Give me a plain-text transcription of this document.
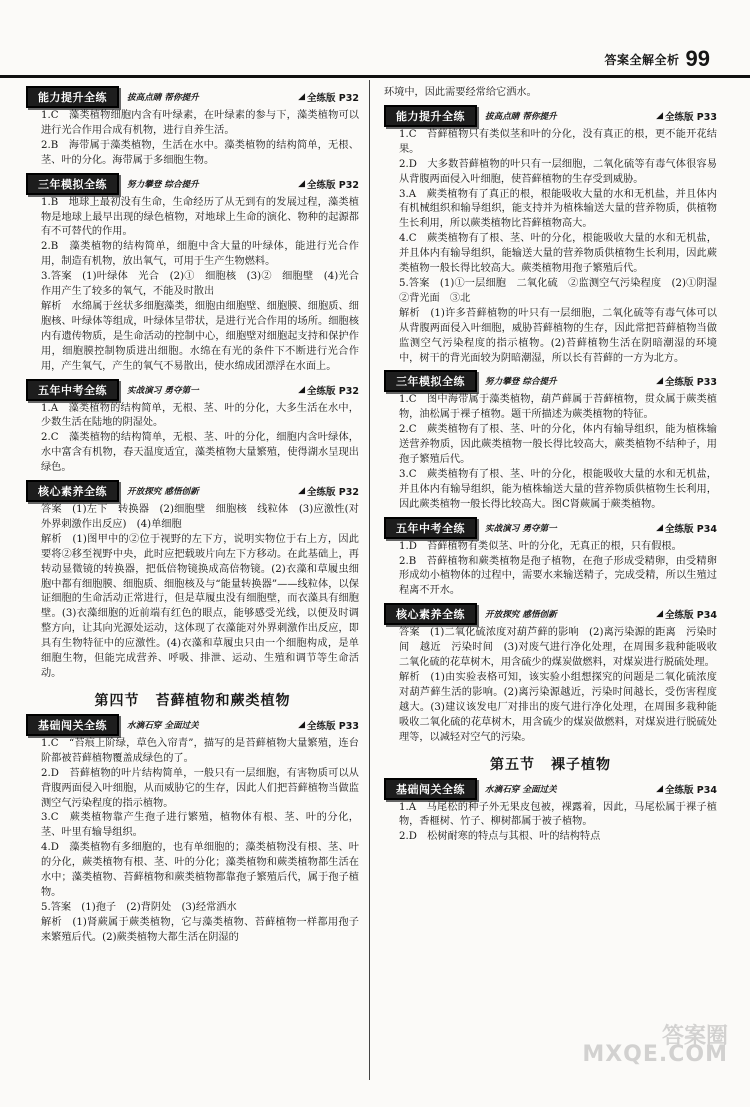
答案全解全析 99
能力提升全练	拔高点睛 帮你提升	◢ 全练版 P32

1.C　藻类植物细胞内含有叶绿素，在叶绿素的参与下，藻类植物可以进行光合作用合成有机物，进行自养生活。

2.B　海带属于藻类植物，生活在水中。藻类植物的结构简单，无根、茎、叶的分化。海带属于多细胞生物。

三年模拟全练	努力攀登 综合提升	◢ 全练版 P32

1.B　地球上最初没有生命，生命经历了从无到有的发展过程，藻类植物是地球上最早出现的绿色植物，对地球上生命的演化、物种的起源都有不可替代的作用。

2.B　藻类植物的结构简单，细胞中含大量的叶绿体，能进行光合作用，制造有机物，放出氧气，可用于生产生物燃料。

3.答案　(1)叶绿体　光合　(2)①　细胞核　(3)②　细胞壁　(4)光合作用产生了较多的氧气，不能及时散出

解析　水绵属于丝状多细胞藻类，细胞由细胞壁、细胞膜、细胞质、细胞核、叶绿体等组成，叶绿体呈带状，是进行光合作用的场所。细胞核内有遗传物质，是生命活动的控制中心，细胞壁对细胞起支持和保护作用，细胞膜控制物质进出细胞。水绵在有光的条件下不断进行光合作用，产生氧气，产生的氧气不易散出，使水绵成团漂浮在水面上。

五年中考全练	实战演习 勇夺第一	◢ 全练版 P32

1.A　藻类植物的结构简单，无根、茎、叶的分化，大多生活在水中，少数生活在陆地的阴湿处。

2.C　藻类植物的结构简单，无根、茎、叶的分化，细胞内含叶绿体，水中富含有机物，春天温度适宜，藻类植物大量繁殖，使得湖水呈现出绿色。

核心素养全练	开放探究 感悟创新	◢ 全练版 P32

答案　(1)左下　转换器　(2)细胞壁　细胞核　线粒体　(3)应激性(对外界刺激作出反应)　(4)单细胞

解析　(1)图甲中的②位于视野的左下方，说明实物位于右上方，因此要将②移至视野中央，此时应把载玻片向左下方移动。在此基础上，再转动显微镜的转换器，把低倍物镜换成高倍物镜。(2)衣藻和草履虫细胞中都有细胞膜、细胞质、细胞核及与“能量转换器”——线粒体，以保证细胞的生命活动正常进行，但是草履虫没有细胞壁，而衣藻具有细胞壁。(3)衣藻细胞的近前端有红色的眼点，能够感受光线，以便及时调整方向，让其向光源处运动，这体现了衣藻能对外界刺激作出反应，即具有生物特征中的应激性。(4)衣藻和草履虫只由一个细胞构成，是单细胞生物，但能完成营养、呼吸、排泄、运动、生殖和调节等生命活动。

第四节 苔藓植物和蕨类植物
基础闯关全练	水滴石穿 全面过关	◢ 全练版 P33

1.C　“苔痕上阶绿，草色入帘青”，描写的是苔藓植物大量繁殖，连台阶都被苔藓植物覆盖成绿色的了。

2.D　苔藓植物的叶片结构简单，一般只有一层细胞，有害物质可以从背腹两面侵入叶细胞，从而威胁它的生存，因此人们把苔藓植物当做监测空气污染程度的指示植物。

3.C　蕨类植物靠产生孢子进行繁殖，植物体有根、茎、叶的分化，茎、叶里有输导组织。

4.D　藻类植物有多细胞的，也有单细胞的；藻类植物没有根、茎、叶的分化，蕨类植物有根、茎、叶的分化；藻类植物和蕨类植物都生活在水中；藻类植物、苔藓植物和蕨类植物都靠孢子繁殖后代，属于孢子植物。

5.答案　(1)孢子　(2)背阴处　(3)经常洒水

解析　(1)肾蕨属于蕨类植物，它与藻类植物、苔藓植物一样都用孢子来繁殖后代。(2)蕨类植物大都生活在阴湿的

环境中，因此需要经常给它洒水。

能力提升全练	拔高点睛 帮你提升	◢ 全练版 P33

1.C　苔藓植物只有类似茎和叶的分化，没有真正的根，更不能开花结果。

2.D　大多数苔藓植物的叶只有一层细胞，二氧化硫等有毒气体很容易从背腹两面侵入叶细胞，使苔藓植物的生存受到威胁。

3.A　蕨类植物有了真正的根，根能吸收大量的水和无机盐，并且体内有机械组织和输导组织，能支持并为植株输送大量的营养物质，供植物生长利用，所以蕨类植物比苔藓植物高大。

4.C　蕨类植物有了根、茎、叶的分化，根能吸收大量的水和无机盐，并且体内有输导组织，能输送大量的营养物质供植物生长利用，因此蕨类植物一般长得比较高大。蕨类植物用孢子繁殖后代。

5.答案　(1)①一层细胞　二氧化硫　②监测空气污染程度　(2)①阴湿　②背光面　③北

解析　(1)许多苔藓植物的叶只有一层细胞，二氧化硫等有毒气体可以从背腹两面侵入叶细胞，威胁苔藓植物的生存，因此常把苔藓植物当做监测空气污染程度的指示植物。(2)苔藓植物生活在阴暗潮湿的环境中，树干的背光面较为阴暗潮湿，所以长有苔藓的一方为北方。

三年模拟全练	努力攀登 综合提升	◢ 全练版 P33

1.C　图中海带属于藻类植物，葫芦藓属于苔藓植物，贯众属于蕨类植物，油松属于裸子植物。题干所描述为蕨类植物的特征。

2.C　蕨类植物有了根、茎、叶的分化，体内有输导组织，能为植株输送营养物质，因此蕨类植物一般长得比较高大，蕨类植物不结种子，用孢子繁殖后代。

3.C　蕨类植物有了根、茎、叶的分化，根能吸收大量的水和无机盐，并且体内有输导组织，能为植株输送大量的营养物质供植物生长利用，因此蕨类植物一般长得比较高大。图C肾蕨属于蕨类植物。

五年中考全练	实战演习 勇夺第一	◢ 全练版 P34

1.D　苔藓植物有类似茎、叶的分化，无真正的根，只有假根。

2.B　苔藓植物和蕨类植物是孢子植物，在孢子形成受精卵，由受精卵形成幼小植物体的过程中，需要水来输送精子，完成受精，所以生殖过程离不开水。

核心素养全练	开放探究 感悟创新	◢ 全练版 P34

答案　(1)二氧化硫浓度对葫芦藓的影响　(2)离污染源的距离　污染时间　越近　污染时间　(3)对废气进行净化处理，在周围多栽种能吸收二氧化硫的花草树木，用含硫少的煤炭做燃料，对煤炭进行脱硫处理。

解析　(1)由实验表格可知，该实验小组想探究的问题是二氧化硫浓度对葫芦藓生活的影响。(2)离污染源越近，污染时间越长，受伤害程度越大。(3)建议该发电厂对排出的废气进行净化处理，在周围多栽种能吸收二氧化硫的花草树木，用含硫少的煤炭做燃料，对煤炭进行脱硫处理等，以减轻对空气的污染。

第五节 裸子植物
基础闯关全练	水滴石穿 全面过关	◢ 全练版 P34

1.A　马尾松的种子外无果皮包被，裸露着，因此，马尾松属于裸子植物，香榧树、竹子、柳树都属于被子植物。

2.D　松树耐寒的特点与其根、叶的结构特点

答案圈
MXQE.COM
